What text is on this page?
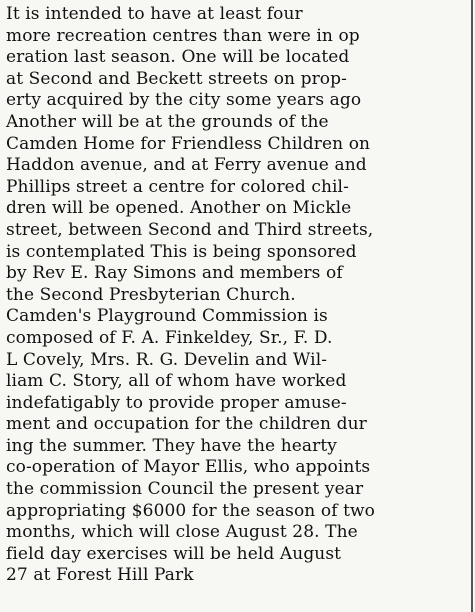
It is intended to have at least four
more recreation centres than were in op
eration last season. One will be located
at Second and Beckett streets on prop-
erty acquired by the city some years ago
Another will be at the grounds of the
Camden Home for Friendless Children on
Haddon avenue, and at Ferry avenue and
Phillips street a centre for colored chil-
dren will be opened. Another on Mickle
street, between Second and Third streets,
is contemplated This is being sponsored
by Rev E. Ray Simons and members of
the Second Presbyterian Church.
Camden's Playground Commission is
composed of F. A. Finkeldey, Sr., F. D.
L Covely, Mrs. R. G. Develin and Wil-
liam C. Story, all of whom have worked
indefatigably to provide proper amuse-
ment and occupation for the children dur
ing the summer. They have the hearty
co-operation of Mayor Ellis, who appoints
the commission Council the present year
appropriating $6000 for the season of two
months, which will close August 28. The
field day exercises will be held August
27 at Forest Hill Park
